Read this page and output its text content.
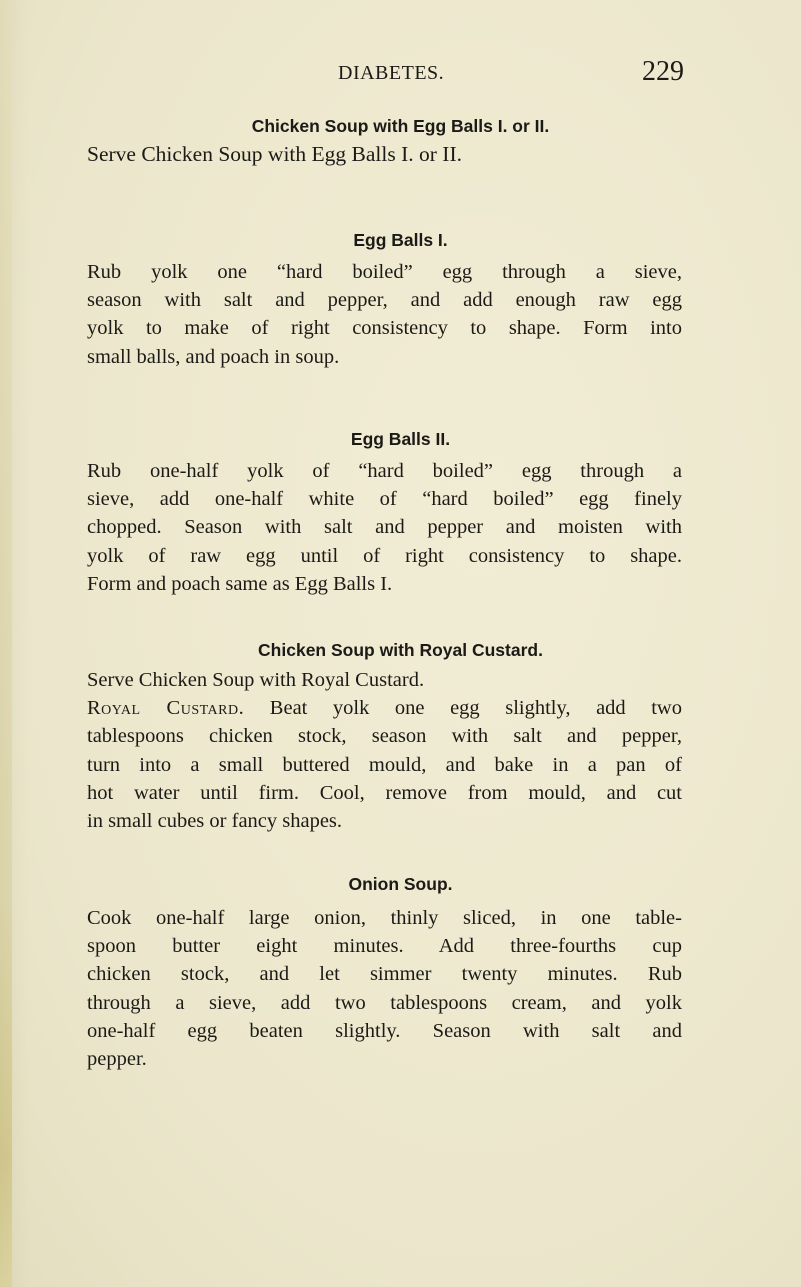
DIABETES.	229
Chicken Soup with Egg Balls I. or II.
Serve Chicken Soup with Egg Balls I. or II.
Egg Balls I.
Rub yolk one “hard boiled” egg through a sieve,
season with salt and pepper, and add enough raw egg
yolk to make of right consistency to shape. Form into
small balls, and poach in soup.
Egg Balls II.
Rub one-half yolk of “hard boiled” egg through a
sieve, add one-half white of “hard boiled” egg finely
chopped. Season with salt and pepper and moisten with
yolk of raw egg until of right consistency to shape.
Form and poach same as Egg Balls I.
Chicken Soup with Royal Custard.
Serve Chicken Soup with Royal Custard.
Royal Custard. Beat yolk one egg slightly, add two
tablespoons chicken stock, season with salt and pepper,
turn into a small buttered mould, and bake in a pan of
hot water until firm. Cool, remove from mould, and cut
in small cubes or fancy shapes.
Onion Soup.
Cook one-half large onion, thinly sliced, in one table-
spoon butter eight minutes. Add three-fourths cup
chicken stock, and let simmer twenty minutes. Rub
through a sieve, add two tablespoons cream, and yolk
one-half egg beaten slightly. Season with salt and
pepper.
